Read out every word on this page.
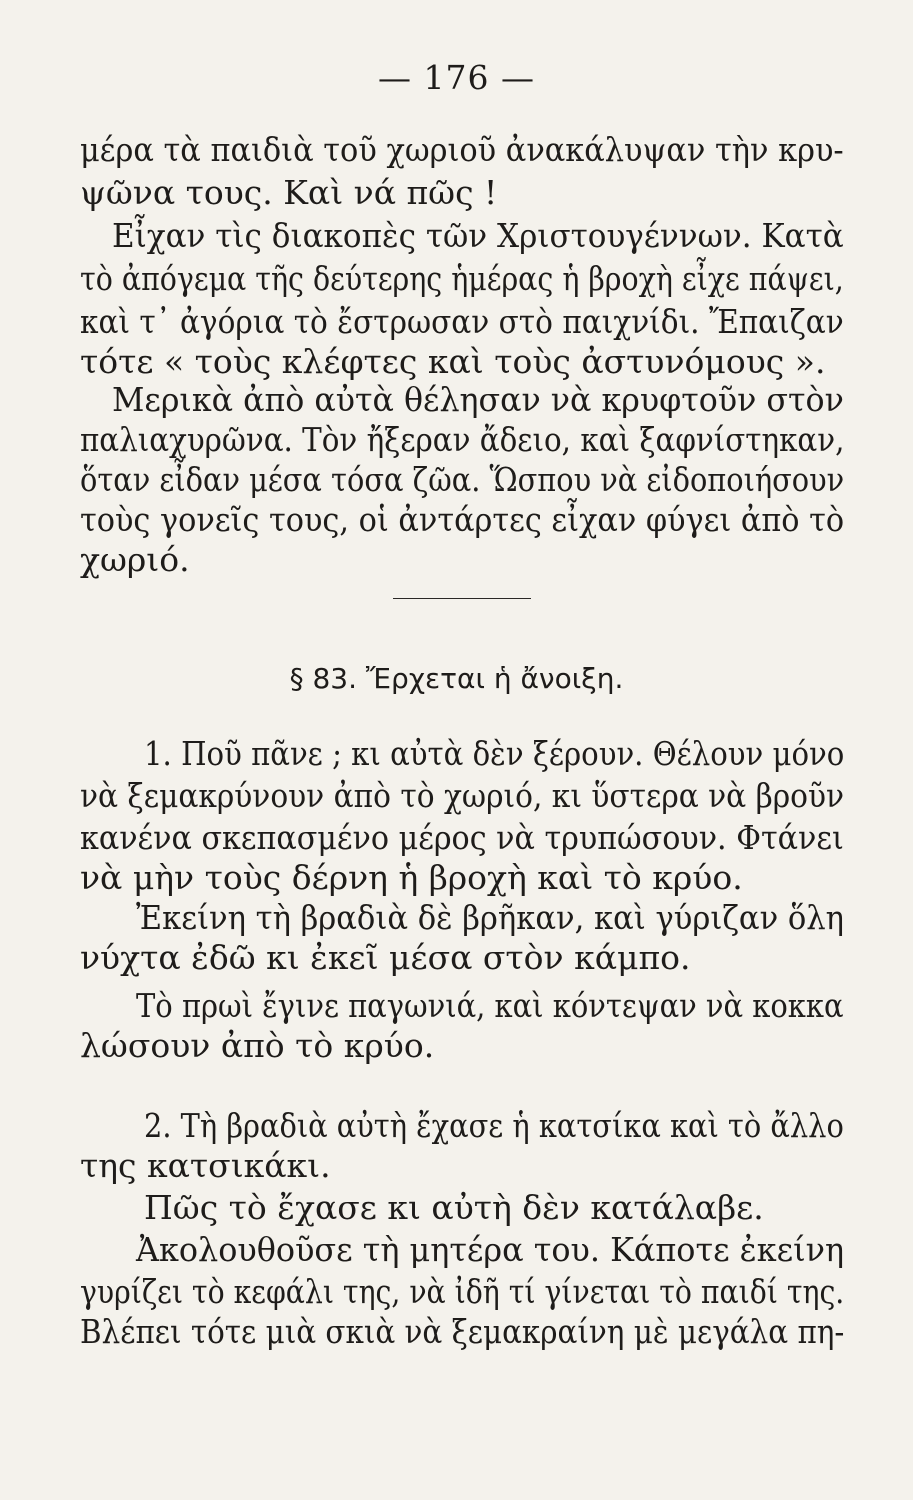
— 176 —
μέρα τὰ παιδιὰ τοῦ χωριοῦ ἀνακάλυψαν τὴν κρυ-
ψῶνα τους. Καὶ νά πῶς !
Εἶχαν τὶς διακοπὲς τῶν Χριστουγέννων. Κατὰ
τὸ ἀπόγεμα τῆς δεύτερης ἡμέρας ἡ βροχὴ εἶχε πάψει,
καὶ τ᾿ ἀγόρια τὸ ἔστρωσαν στὸ παιχνίδι. Ἔπαιζαν
τότε « τοὺς κλέφτες καὶ τοὺς ἀστυνόμους ».
Μερικὰ ἀπὸ αὐτὰ θέλησαν νὰ κρυφτοῦν στὸν
παλιαχυρῶνα. Τὸν ἤξεραν ἄδειο, καὶ ξαφνίστηκαν,
ὅταν εἶδαν μέσα τόσα ζῶα. Ὥσπου νὰ εἰδοποιήσουν
τοὺς γονεῖς τους, οἱ ἀντάρτες εἶχαν φύγει ἀπὸ τὸ
χωριό.
§ 83. Ἔρχεται ἡ ἄνοιξη.
1. Ποῦ πᾶνε ; κι αὐτὰ δὲν ξέρουν. Θέλουν μόνο
νὰ ξεμακρύνουν ἀπὸ τὸ χωριό, κι ὕστερα νὰ βροῦν
κανένα σκεπασμένο μέρος νὰ τρυπώσουν. Φτάνει
νὰ μὴν τοὺς δέρνη ἡ βροχὴ καὶ τὸ κρύο.
Ἐκείνη τὴ βραδιὰ δὲ βρῆκαν, καὶ γύριζαν ὅλη
νύχτα ἐδῶ κι ἐκεῖ μέσα στὸν κάμπο.
Τὸ πρωὶ ἔγινε παγωνιά, καὶ κόντεψαν νὰ κοκκα
λώσουν ἀπὸ τὸ κρύο.
2. Τὴ βραδιὰ αὐτὴ ἔχασε ἡ κατσίκα καὶ τὸ ἄλλο
της κατσικάκι.
Πῶς τὸ ἔχασε κι αὐτὴ δὲν κατάλαβε.
Ἀκολουθοῦσε τὴ μητέρα του. Κάποτε ἐκείνη
γυρίζει τὸ κεφάλι της, νὰ ἰδῆ τί γίνεται τὸ παιδί της.
Βλέπει τότε μιὰ σκιὰ νὰ ξεμακραίνη μὲ μεγάλα πη-
